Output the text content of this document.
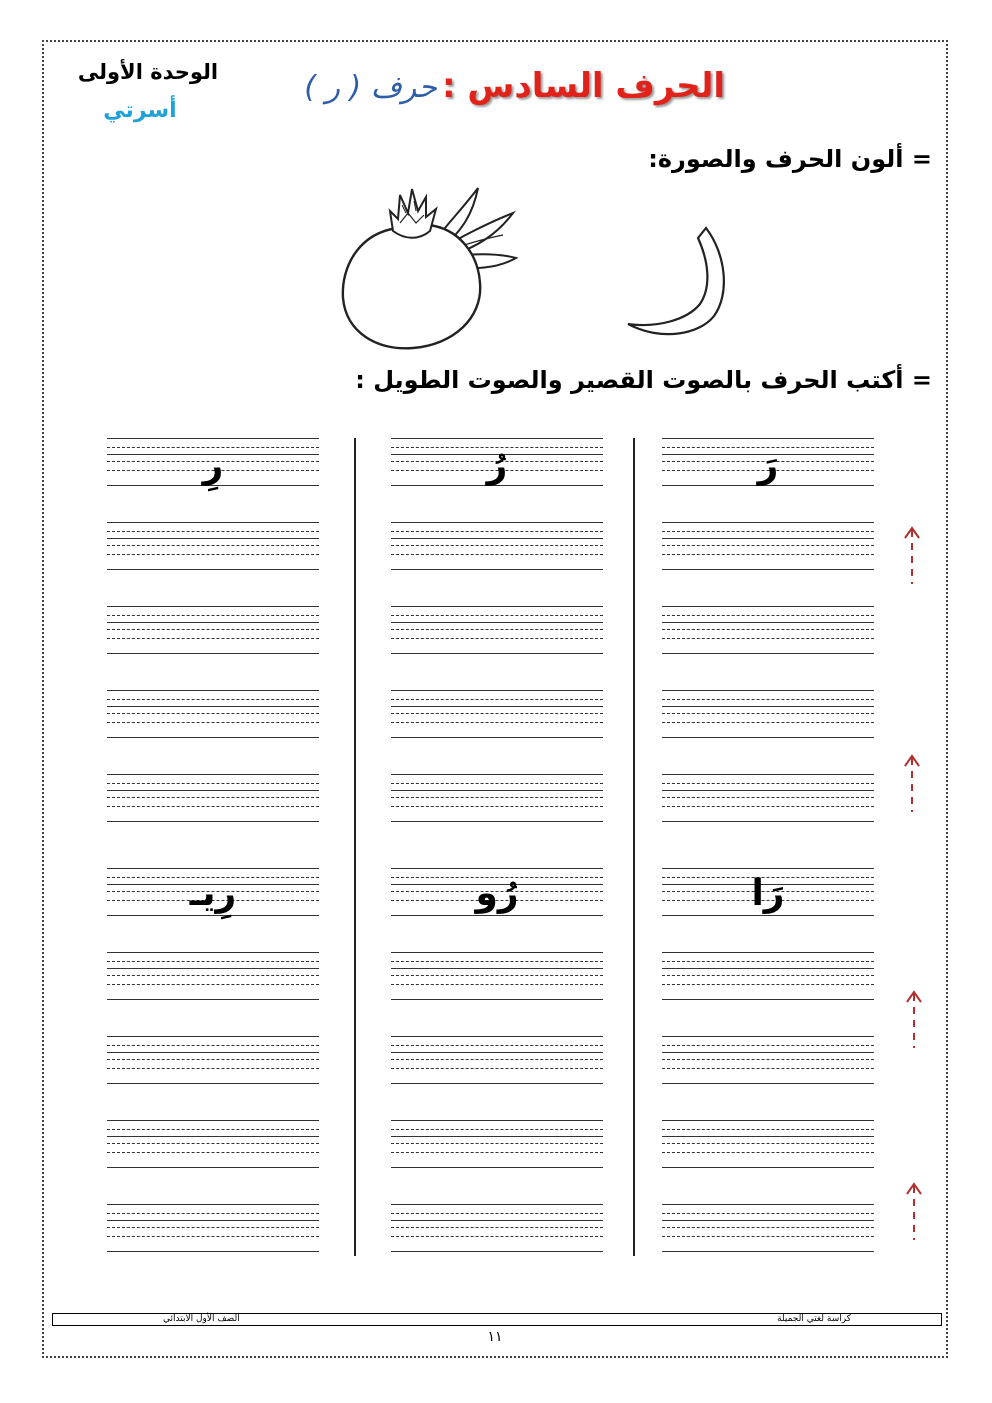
الوحدة الأولى
أسرتي
الحرف السادس : حرف ( ر )
= ألون الحرف والصورة:
= أكتب الحرف بالصوت القصير والصوت الطويل :
رَ
رُ
رِ
رَا
رُو
رِيـ
الصف الأول الابتدائي	كراسة لغتي الجميلة
١١
